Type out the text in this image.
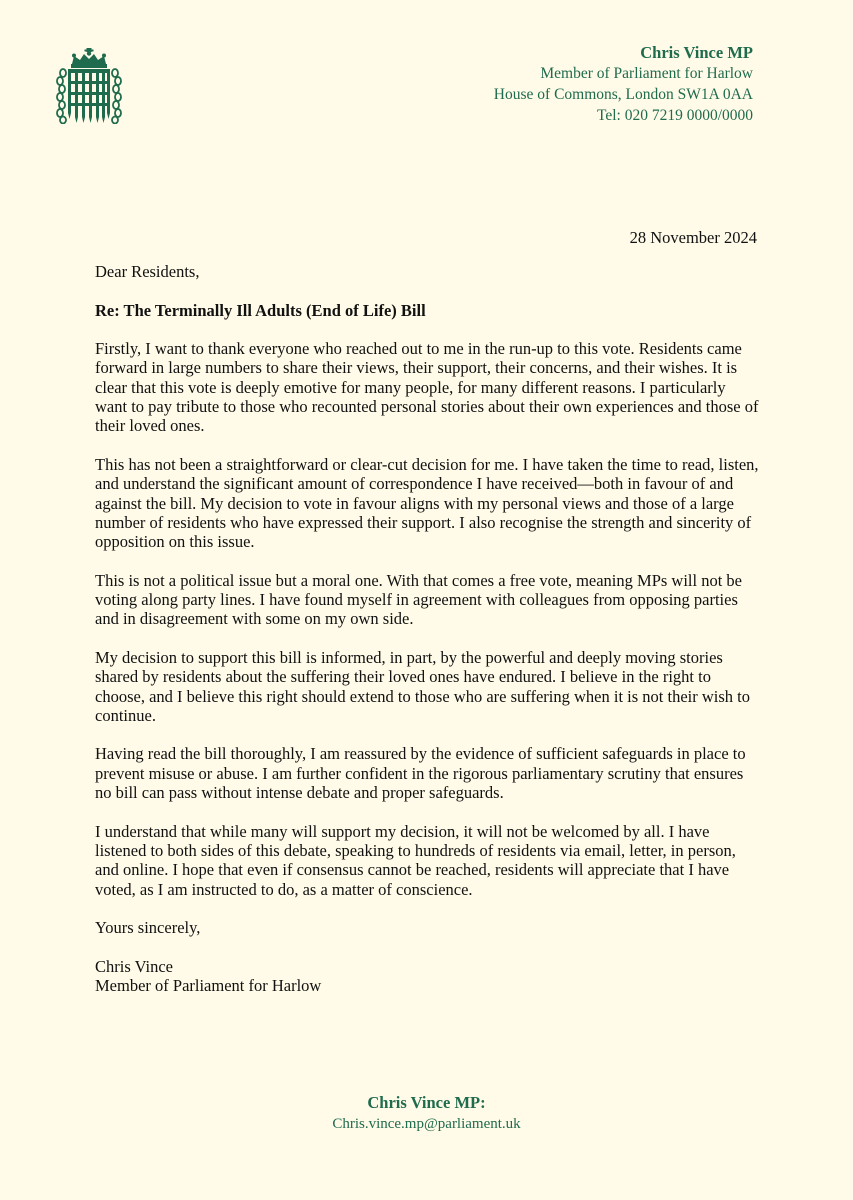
Chris Vince MP
Member of Parliament for Harlow
House of Commons, London SW1A 0AA
Tel: 020 7219 0000/0000
28 November 2024

Dear Residents,

Re: The Terminally Ill Adults (End of Life) Bill

Firstly, I want to thank everyone who reached out to me in the run-up to this vote. Residents came forward in large numbers to share their views, their support, their concerns, and their wishes. It is clear that this vote is deeply emotive for many people, for many different reasons. I particularly want to pay tribute to those who recounted personal stories about their own experiences and those of their loved ones.

This has not been a straightforward or clear-cut decision for me. I have taken the time to read, listen, and understand the significant amount of correspondence I have received—both in favour of and against the bill. My decision to vote in favour aligns with my personal views and those of a large number of residents who have expressed their support. I also recognise the strength and sincerity of opposition on this issue.

This is not a political issue but a moral one. With that comes a free vote, meaning MPs will not be voting along party lines. I have found myself in agreement with colleagues from opposing parties and in disagreement with some on my own side.

My decision to support this bill is informed, in part, by the powerful and deeply moving stories shared by residents about the suffering their loved ones have endured. I believe in the right to choose, and I believe this right should extend to those who are suffering when it is not their wish to continue.

Having read the bill thoroughly, I am reassured by the evidence of sufficient safeguards in place to prevent misuse or abuse. I am further confident in the rigorous parliamentary scrutiny that ensures no bill can pass without intense debate and proper safeguards.

I understand that while many will support my decision, it will not be welcomed by all. I have listened to both sides of this debate, speaking to hundreds of residents via email, letter, in person, and online. I hope that even if consensus cannot be reached, residents will appreciate that I have voted, as I am instructed to do, as a matter of conscience.

Yours sincerely,

Chris Vince

Member of Parliament for Harlow

Chris Vince MP:
Chris.vince.mp@parliament.uk
